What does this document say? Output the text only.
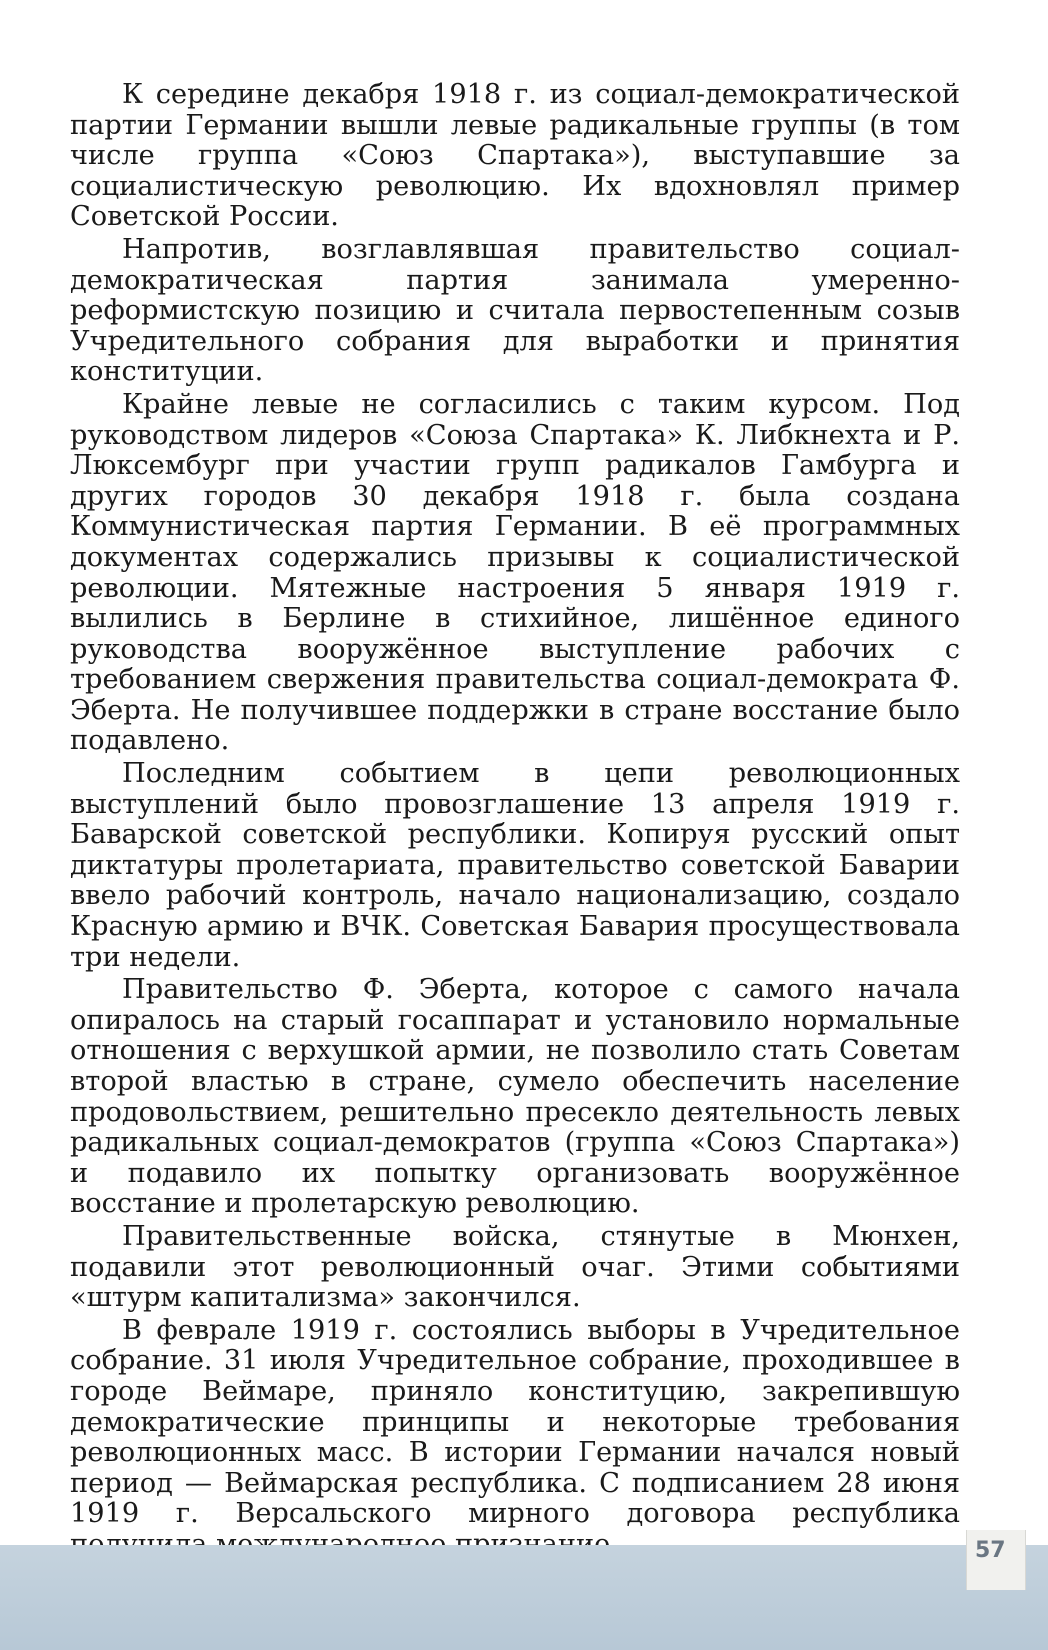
К середине декабря 1918 г. из социал-демократической партии Германии вышли левые радикальные группы (в том числе группа «Союз Спартака»), выступавшие за социалистическую революцию. Их вдохновлял пример Советской России.

Напротив, возглавлявшая правительство социал-демократическая партия занимала умеренно-реформистскую позицию и считала первостепенным созыв Учредительного собрания для выработки и принятия конституции.

Крайне левые не согласились с таким курсом. Под руководством лидеров «Союза Спартака» К. Либкнехта и Р. Люксембург при участии групп радикалов Гамбурга и других городов 30 декабря 1918 г. была создана Коммунистическая партия Германии. В её программных документах содержались призывы к социалистической революции. Мятежные настроения 5 января 1919 г. вылились в Берлине в стихийное, лишённое единого руководства вооружённое выступление рабочих с требованием свержения правительства социал-демократа Ф. Эберта. Не получившее поддержки в стране восстание было подавлено.

Последним событием в цепи революционных выступлений было провозглашение 13 апреля 1919 г. Баварской советской республики. Копируя русский опыт диктатуры пролетариата, правительство советской Баварии ввело рабочий контроль, начало национализацию, создало Красную армию и ВЧК. Советская Бавария просуществовала три недели.

Правительство Ф. Эберта, которое с самого начала опиралось на старый госаппарат и установило нормальные отношения с верхушкой армии, не позволило стать Советам второй властью в стране, сумело обеспечить население продовольствием, решительно пресекло деятельность левых радикальных социал-демократов (группа «Союз Спартака») и подавило их попытку организовать вооружённое восстание и пролетарскую революцию.

Правительственные войска, стянутые в Мюнхен, подавили этот революционный очаг. Этими событиями «штурм капитализма» закончился.

В феврале 1919 г. состоялись выборы в Учредительное собрание. 31 июля Учредительное собрание, проходившее в городе Веймаре, приняло конституцию, закрепившую демократические принципы и некоторые требования революционных масс. В истории Германии начался новый период — Веймарская республика. С подписанием 28 июня 1919 г. Версальского мирного договора республика

57
